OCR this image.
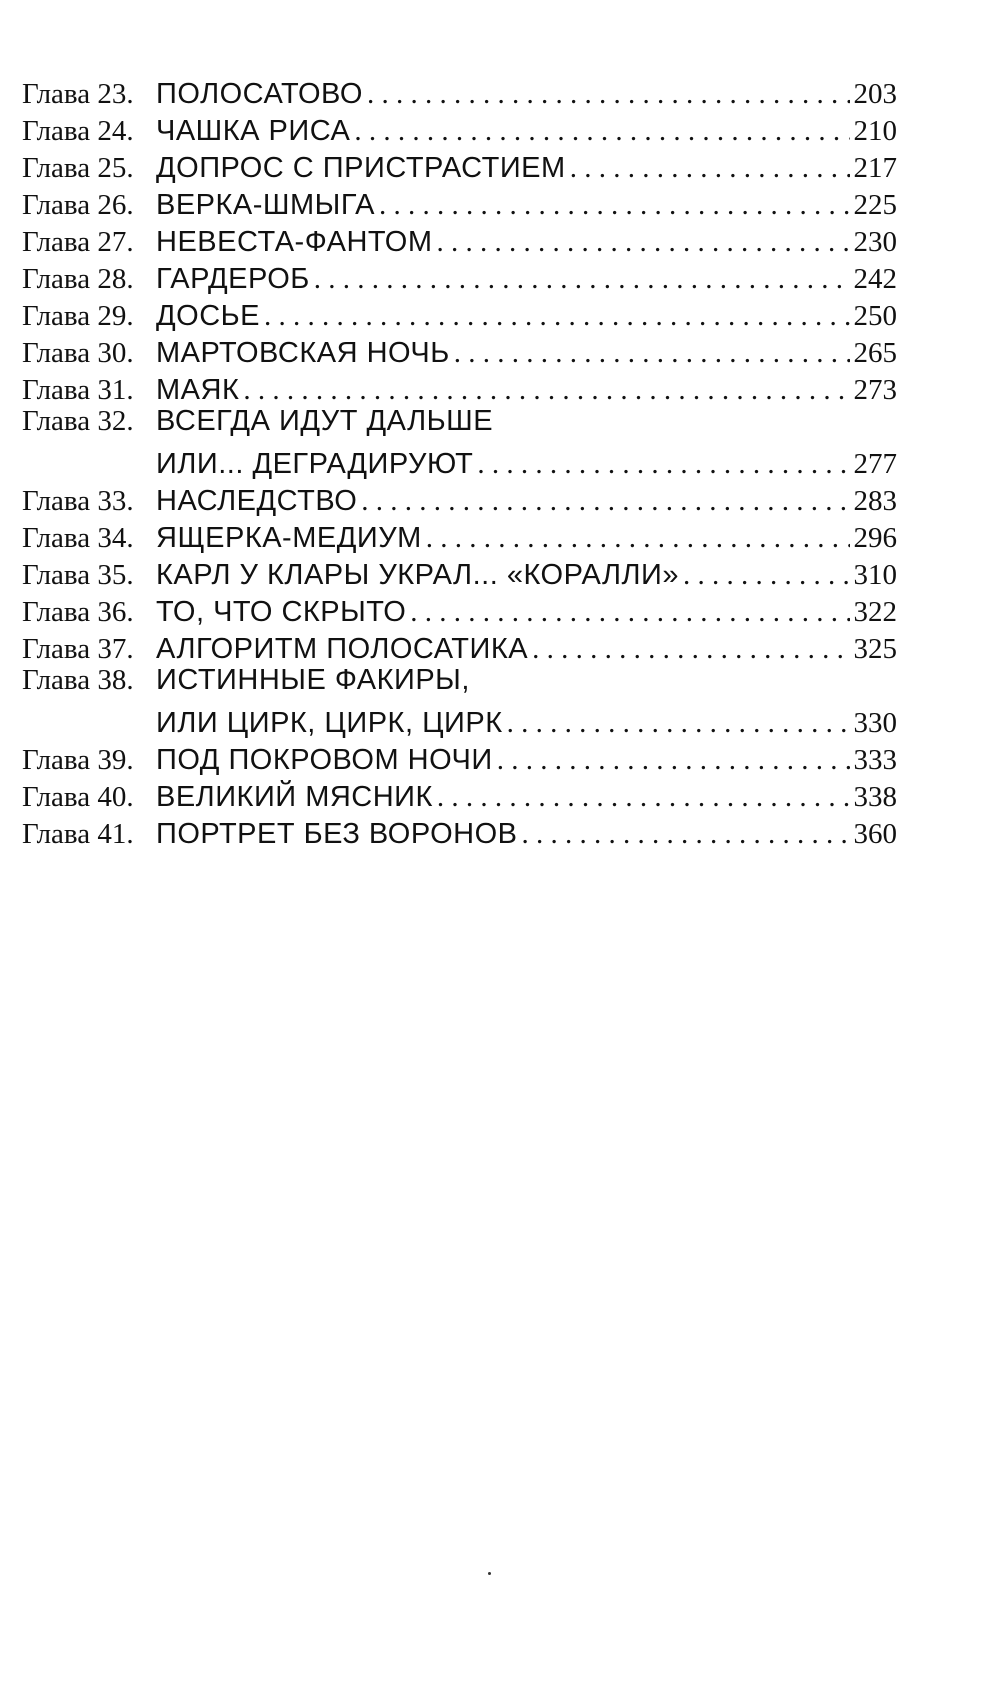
Глава 23. ПОЛОСАТОВО . . .	203
Глава 24. ЧАШКА РИСА . . .	210
Глава 25. ДОПРОС С ПРИСТРАСТИЕМ . . .	217
Глава 26. ВЕРКА-ШМЫГА . . .	225
Глава 27. НЕВЕСТА-ФАНТОМ . . .	230
Глава 28. ГАРДЕРОБ . . .	242
Глава 29. ДОСЬЕ . . .	250
Глава 30. МАРТОВСКАЯ НОЧЬ . . .	265
Глава 31. МАЯК . . .	273
Глава 32. ВСЕГДА ИДУТ ДАЛЬШЕ
ИЛИ... ДЕГРАДИРУЮТ . . .	277
Глава 33. НАСЛЕДСТВО . . .	283
Глава 34. ЯЩЕРКА-МЕДИУМ . . .	296
Глава 35. КАРЛ У КЛАРЫ УКРАЛ... «КОРАЛЛИ» . . .	310
Глава 36. ТО, ЧТО СКРЫТО . . .	322
Глава 37. АЛГОРИТМ ПОЛОСАТИКА . . .	325
Глава 38. ИСТИННЫЕ ФАКИРЫ,
ИЛИ ЦИРК, ЦИРК, ЦИРК . . .	330
Глава 39. ПОД ПОКРОВОМ НОЧИ . . .	333
Глава 40. ВЕЛИКИЙ МЯСНИК . . .	338
Глава 41. ПОРТРЕТ БЕЗ ВОРОНОВ . . .	360
